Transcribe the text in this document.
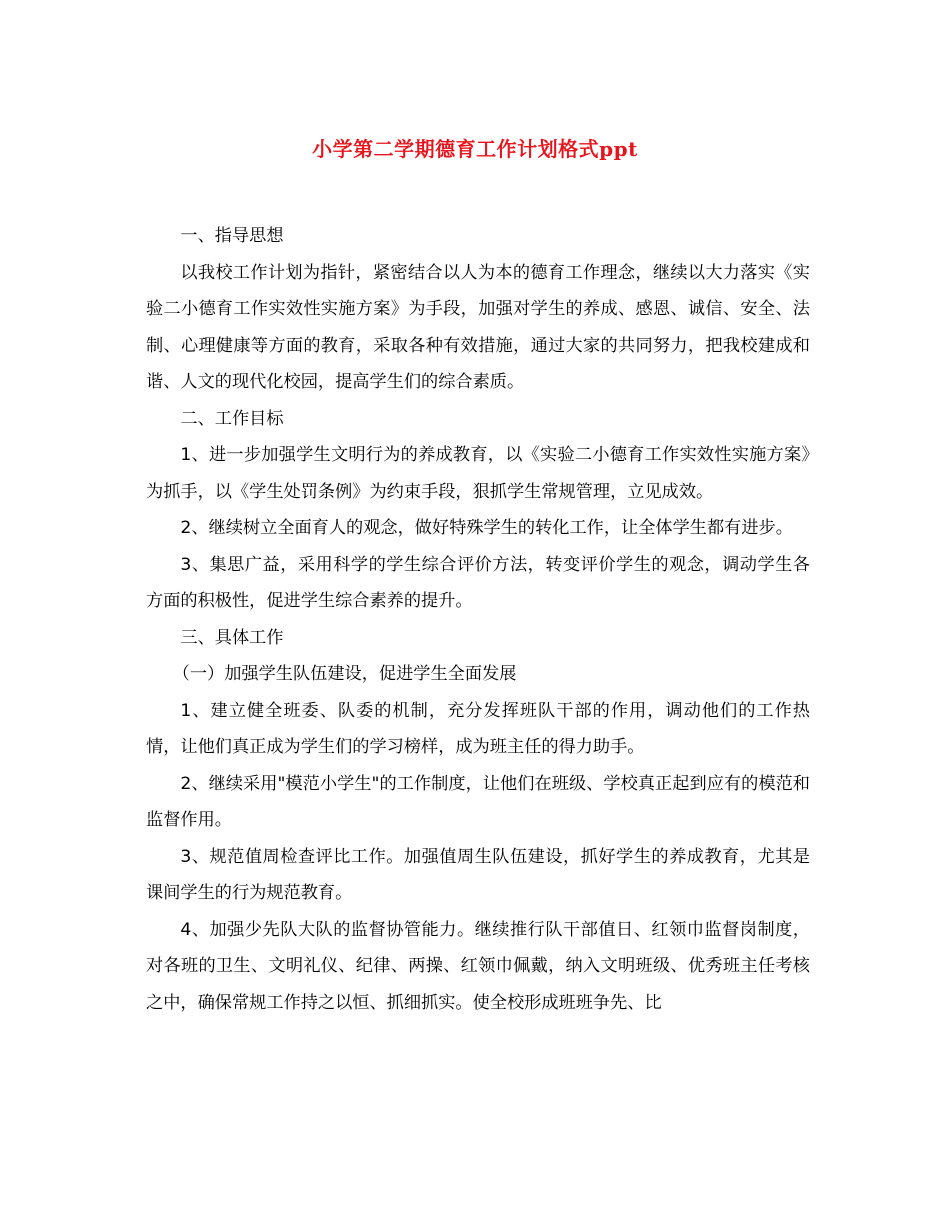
小学第二学期德育工作计划格式ppt

一、指导思想

以我校工作计划为指针，紧密结合以人为本的德育工作理念，继续以大力落实《实验二小德育工作实效性实施方案》为手段，加强对学生的养成、感恩、诚信、安全、法制、心理健康等方面的教育，采取各种有效措施，通过大家的共同努力，把我校建成和谐、人文的现代化校园，提高学生们的综合素质。

二、工作目标

1、进一步加强学生文明行为的养成教育，以《实验二小德育工作实效性实施方案》为抓手，以《学生处罚条例》为约束手段，狠抓学生常规管理，立见成效。

2、继续树立全面育人的观念，做好特殊学生的转化工作，让全体学生都有进步。

3、集思广益，采用科学的学生综合评价方法，转变评价学生的观念，调动学生各方面的积极性，促进学生综合素养的提升。

三、具体工作

（一）加强学生队伍建设，促进学生全面发展

1、建立健全班委、队委的机制，充分发挥班队干部的作用，调动他们的工作热情，让他们真正成为学生们的学习榜样，成为班主任的得力助手。

2、继续采用"模范小学生"的工作制度，让他们在班级、学校真正起到应有的模范和监督作用。

3、规范值周检查评比工作。加强值周生队伍建设，抓好学生的养成教育，尤其是课间学生的行为规范教育。

4、加强少先队大队的监督协管能力。继续推行队干部值日、红领巾监督岗制度，对各班的卫生、文明礼仪、纪律、两操、红领巾佩戴，纳入文明班级、优秀班主任考核之中，确保常规工作持之以恒、抓细抓实。使全校形成班班争先、比
